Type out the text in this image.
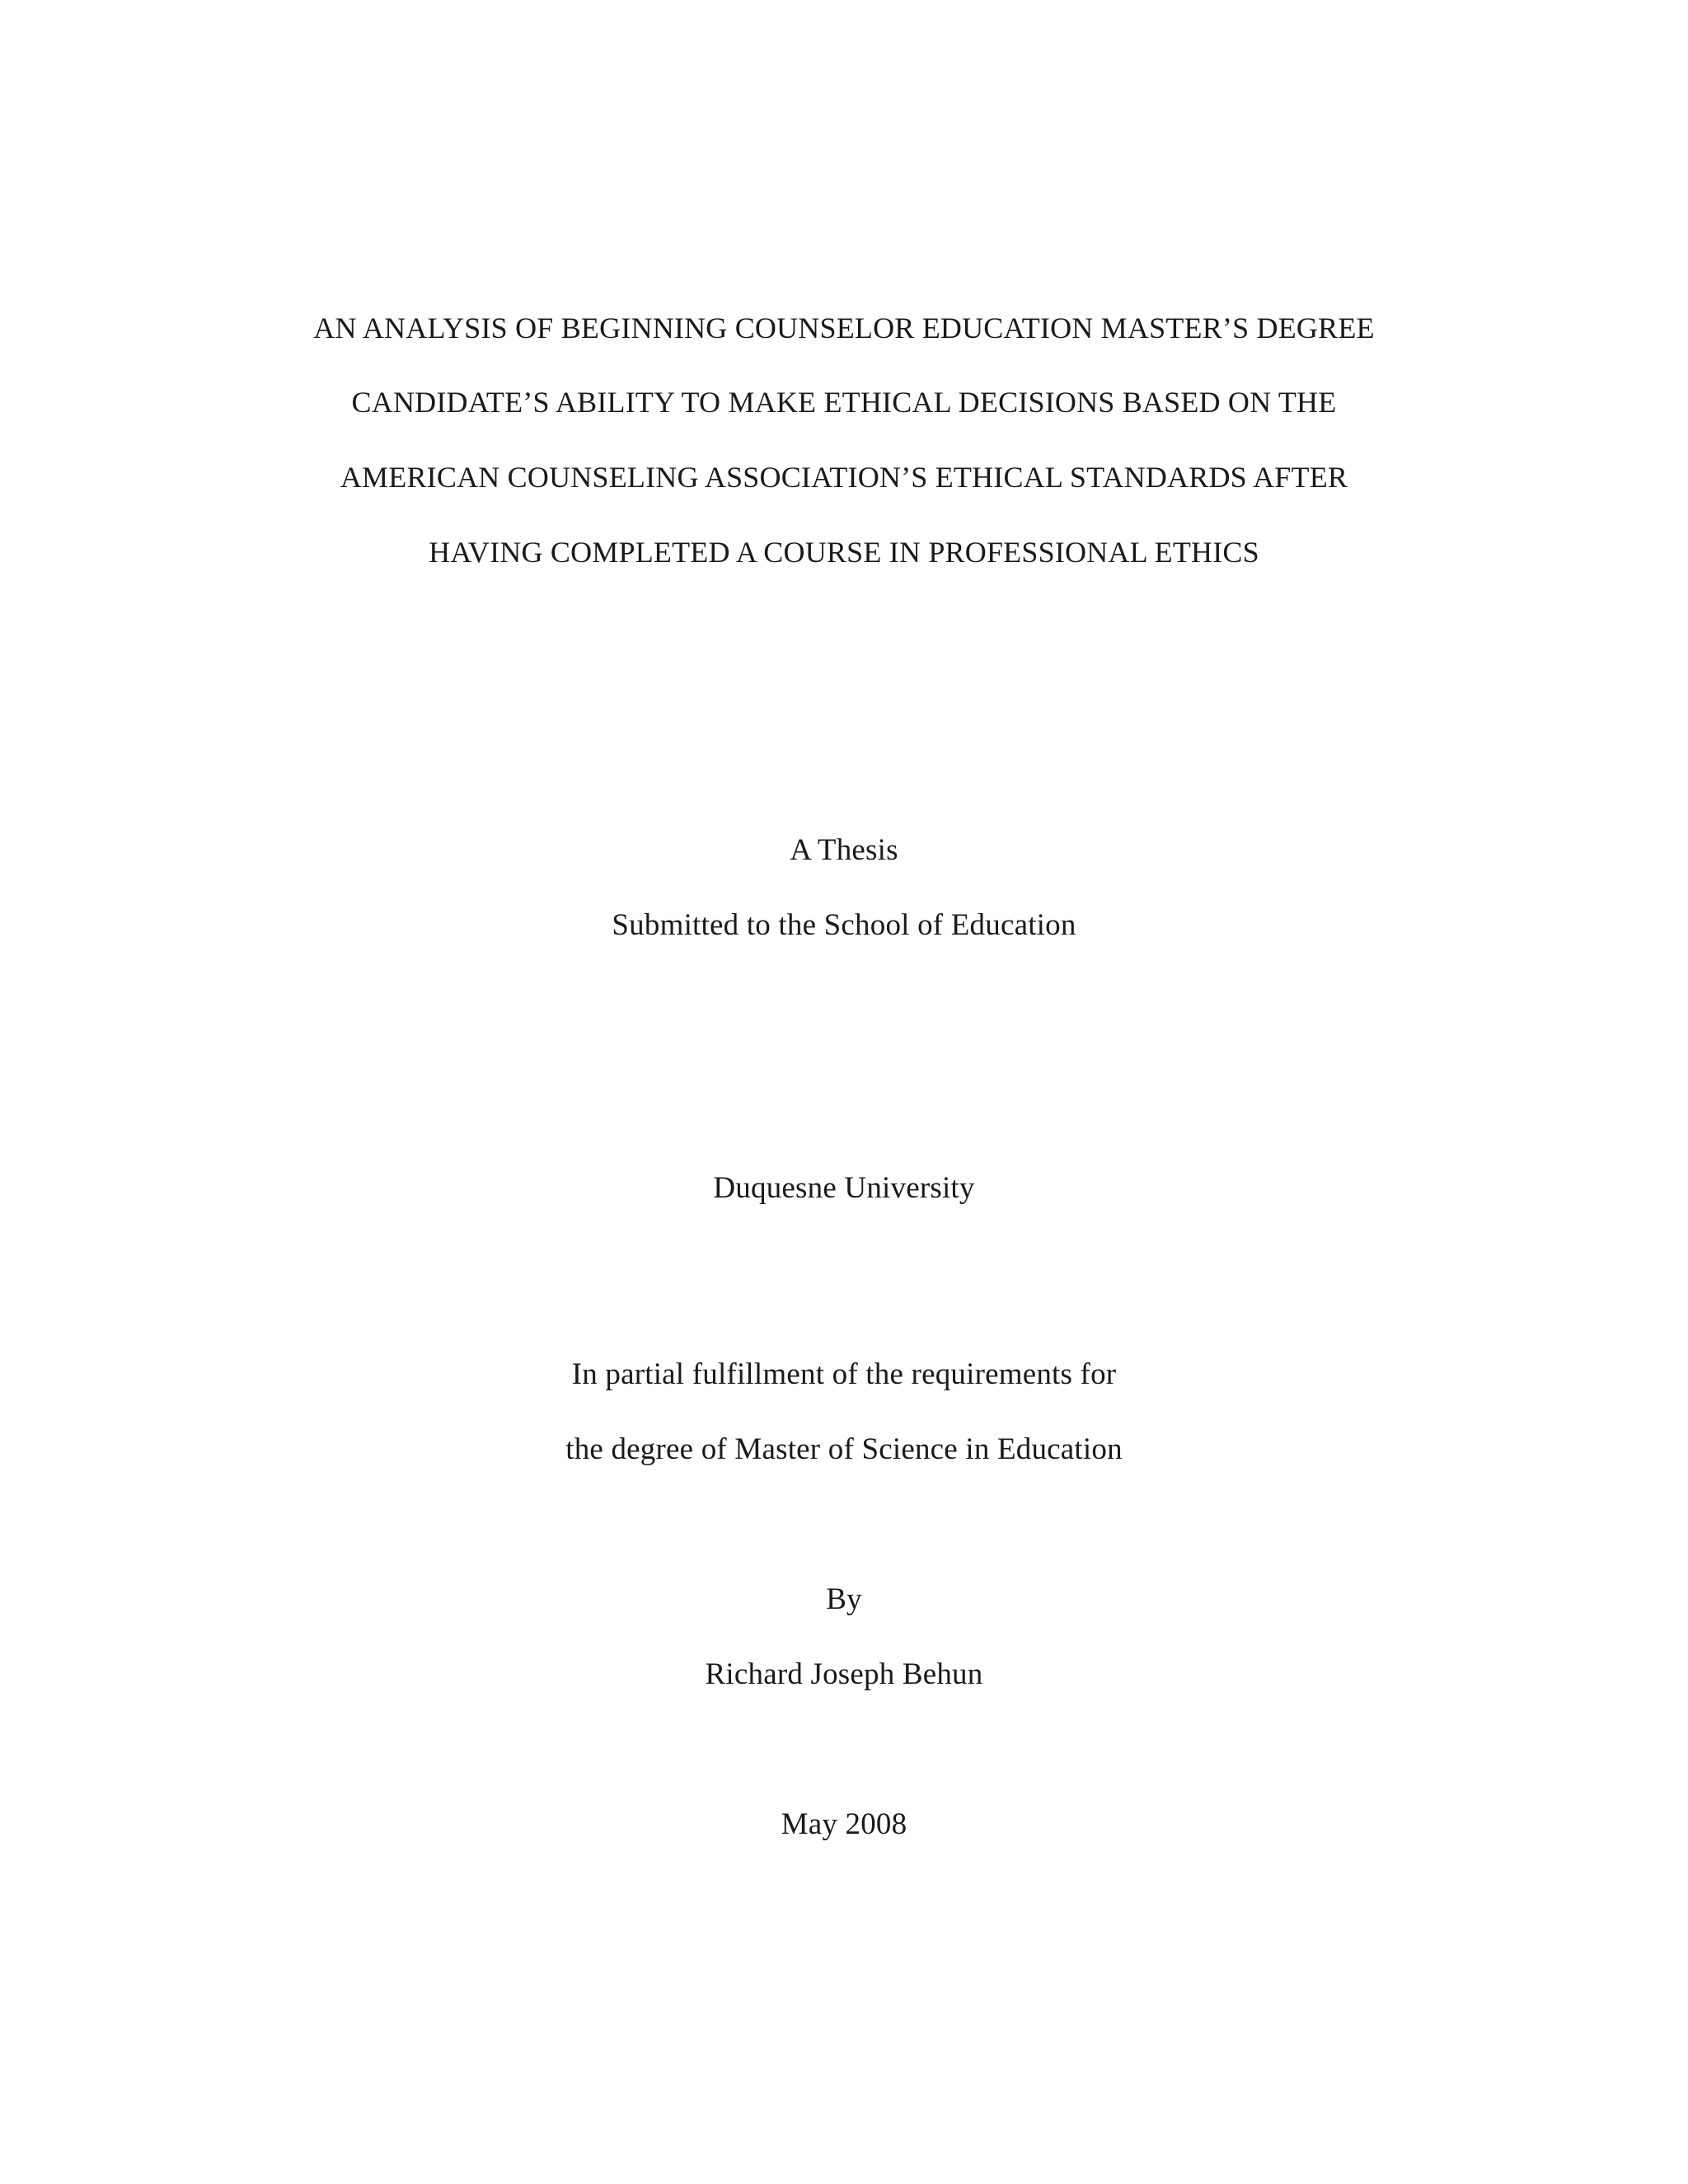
AN ANALYSIS OF BEGINNING COUNSELOR EDUCATION MASTER’S DEGREE
CANDIDATE’S ABILITY TO MAKE ETHICAL DECISIONS BASED ON THE
AMERICAN COUNSELING ASSOCIATION’S ETHICAL STANDARDS AFTER
HAVING COMPLETED A COURSE IN PROFESSIONAL ETHICS
A Thesis
Submitted to the School of Education
Duquesne University
In partial fulfillment of the requirements for
the degree of Master of Science in Education
By
Richard Joseph Behun
May 2008
